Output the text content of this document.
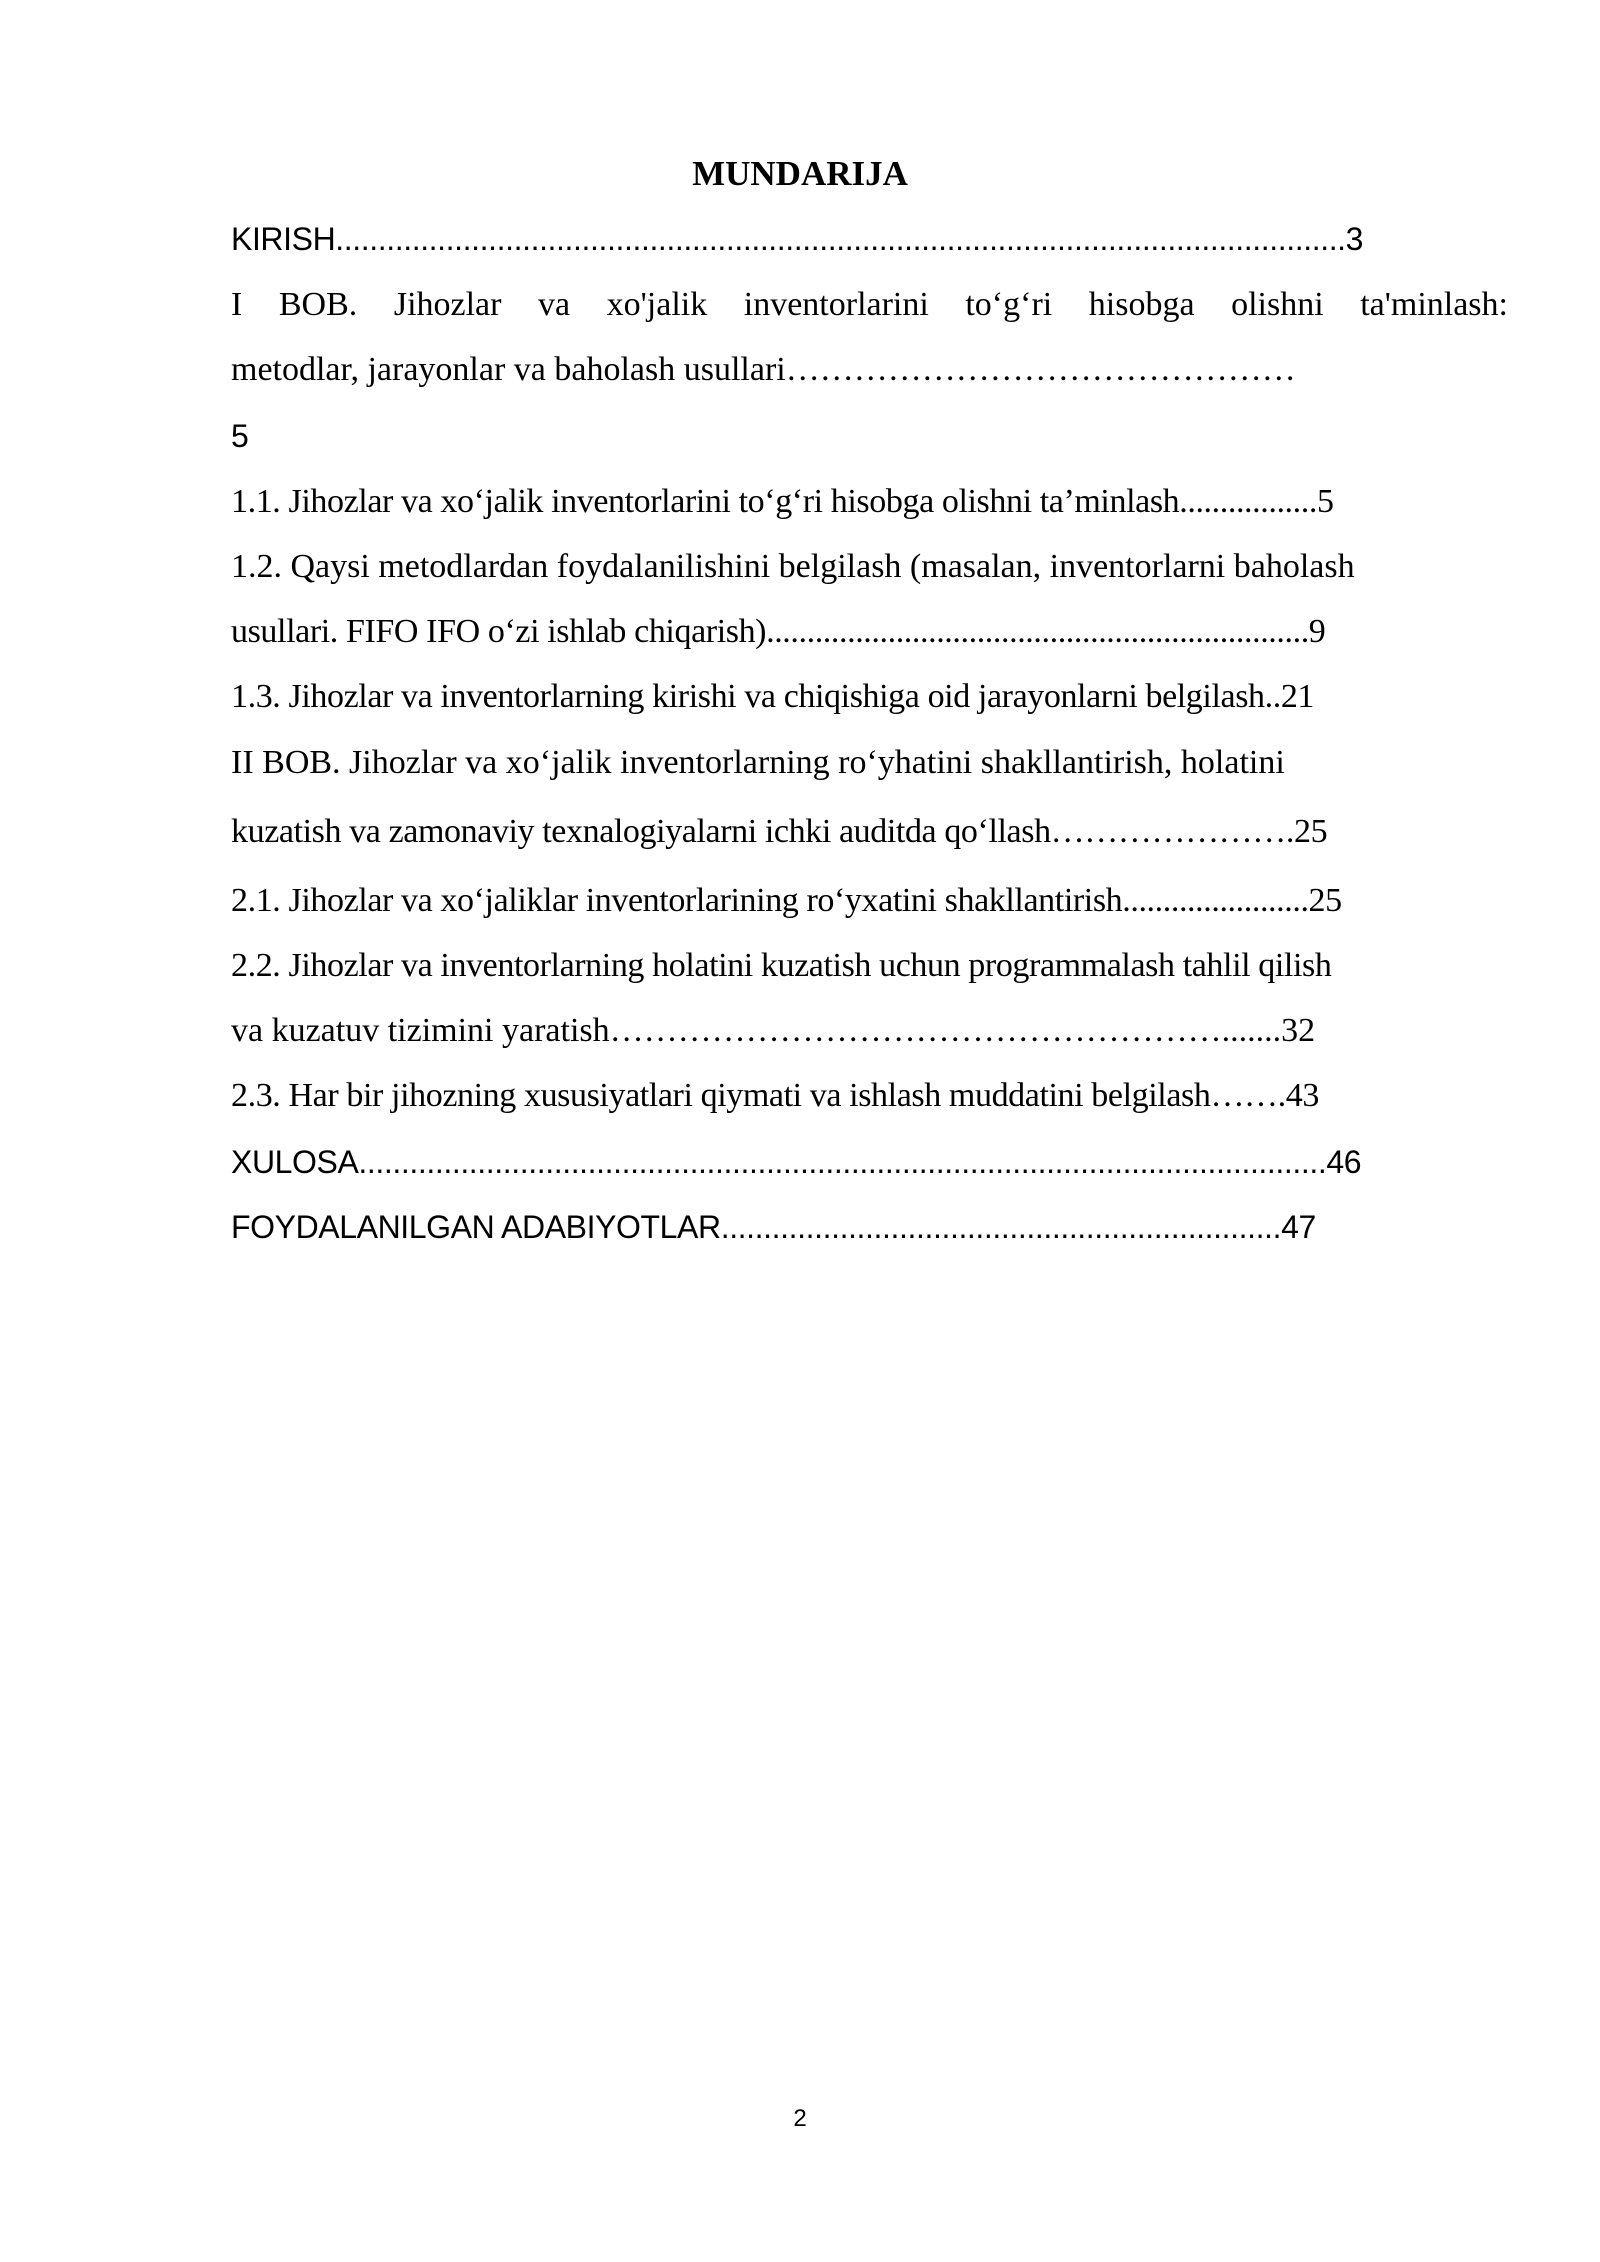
MUNDARIJA
KIRISH.......................................................................................................................3
I BOB. Jihozlar va xo'jalik inventorlarini to‘g‘ri hisobga olishni ta'minlash:
metodlar, jarayonlar va baholash usullari………………………………………
5
1.1. Jihozlar va xo‘jalik inventorlarini to‘g‘ri hisobga olishni ta’minlash.................5
1.2. Qaysi metodlardan foydalanilishini belgilash (masalan, inventorlarni baholash
usullari. FIFO IFO o‘zi ishlab chiqarish)...................................................................9
1.3. Jihozlar va inventorlarning kirishi va chiqishiga oid jarayonlarni belgilash..21
II BOB. Jihozlar va xoʻjalik inventorlarning roʻyhatini shakllantirish, holatini
kuzatish va zamonaviy texnalogiyalarni ichki auditda qoʻllash………………….25
2.1. Jihozlar va xo‘jaliklar inventorlarining ro‘yxatini shakllantirish.......................25
2.2. Jihozlar va inventorlarning holatini kuzatish uchun programmalash tahlil qilish
va kuzatuv tizimini yaratish……………………………………………….......32
2.3. Har bir jihozning xususiyatlari qiymati va ishlash muddatini belgilash…….43
XULOSA..................................................................................................................46
FOYDALANILGAN ADABIYOTLAR..................................................................47
2
